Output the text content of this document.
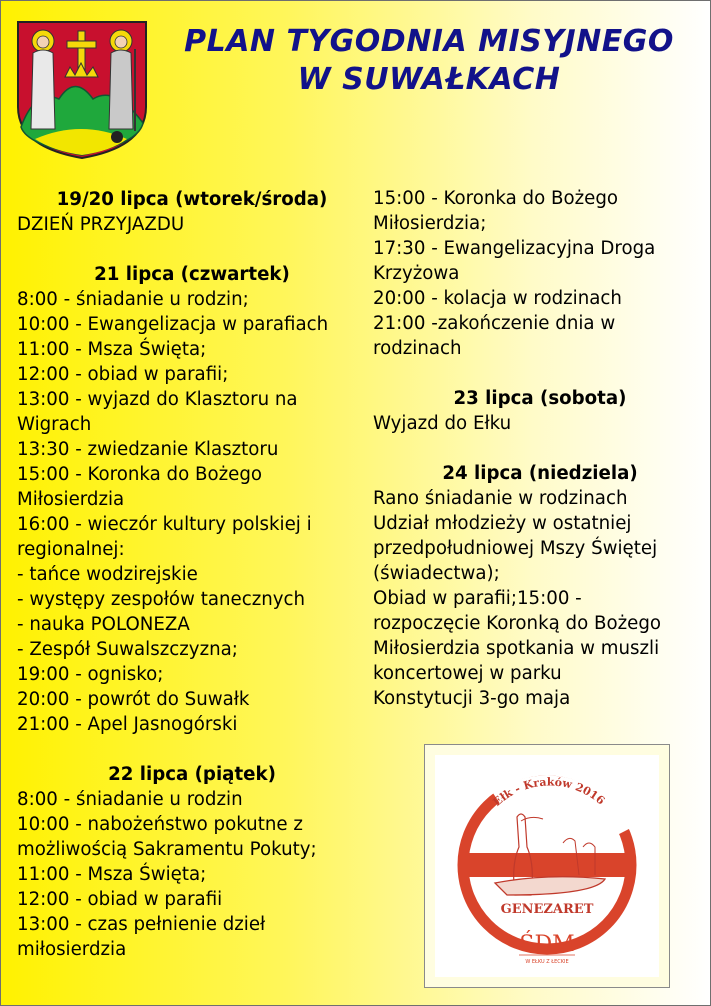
PLAN TYGODNIA MISYJNEGO
W SUWAŁKACH
19/20 lipca (wtorek/środa)
DZIEŃ PRZYJAZDU
21 lipca (czwartek)
8:00 - śniadanie u rodzin;
10:00 - Ewangelizacja w parafiach
11:00 - Msza Święta;
12:00 - obiad w parafii;
13:00 - wyjazd do Klasztoru na
Wigrach
13:30 - zwiedzanie Klasztoru
15:00 - Koronka do Bożego
Miłosierdzia
16:00 - wieczór kultury polskiej i
regionalnej:
- tańce wodzirejskie
- występy zespołów tanecznych
- nauka POLONEZA
- Zespół Suwalszczyzna;
19:00 - ognisko;
20:00 - powrót do Suwałk
21:00 - Apel Jasnogórski
22 lipca (piątek)
8:00 - śniadanie u rodzin
10:00 - nabożeństwo pokutne z
możliwością Sakramentu Pokuty;
11:00 - Msza Święta;
12:00 - obiad w parafii
13:00 - czas pełnienie dzieł
miłosierdzia
15:00 - Koronka do Bożego
Miłosierdzia;
17:30 - Ewangelizacyjna Droga
Krzyżowa
20:00 - kolacja w rodzinach
21:00 -zakończenie dnia w
rodzinach
23 lipca (sobota)
Wyjazd do Ełku
24 lipca (niedziela)
Rano śniadanie w rodzinach
Udział młodzieży w ostatniej
przedpołudniowej Mszy Świętej
(świadectwa);
Obiad w parafii;15:00 -
rozpoczęcie Koronką do Bożego
Miłosierdzia spotkania w muszli
koncertowej w parku
Konstytucji 3-go maja
Ełk - Kraków 2016
GENEZARET
ŚDM
W EŁKU Z ŁECKIE
